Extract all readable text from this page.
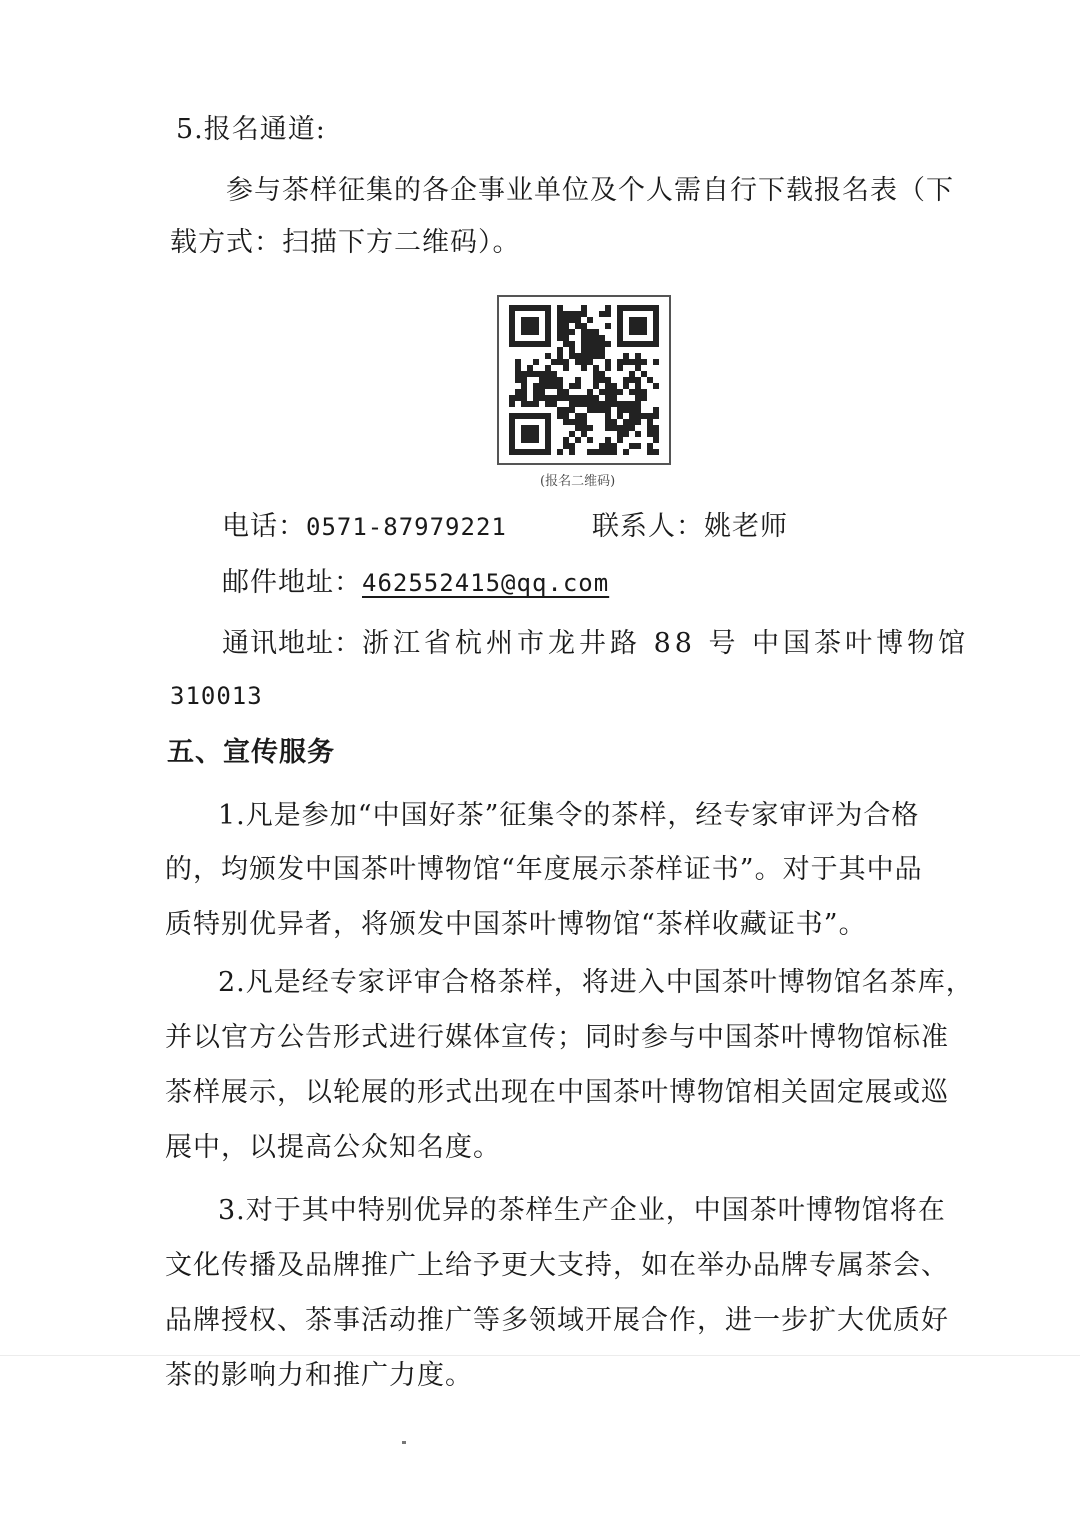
5.报名通道:
参与茶样征集的各企事业单位及个人需自行下载报名表（下
载方式：扫描下方二维码）。
(报名二维码)
电话：0571-87979221	联系人：姚老师
邮件地址：462552415@qq.com
通讯地址：浙江省杭州市龙井路 88 号 中国茶叶博物馆
310013
五、宣传服务
1.凡是参加“中国好茶”征集令的茶样，经专家审评为合格
的，均颁发中国茶叶博物馆“年度展示茶样证书”。对于其中品
质特别优异者，将颁发中国茶叶博物馆“茶样收藏证书”。
2.凡是经专家评审合格茶样，将进入中国茶叶博物馆名茶库，
并以官方公告形式进行媒体宣传；同时参与中国茶叶博物馆标准
茶样展示，以轮展的形式出现在中国茶叶博物馆相关固定展或巡
展中，以提高公众知名度。
3.对于其中特别优异的茶样生产企业，中国茶叶博物馆将在
文化传播及品牌推广上给予更大支持，如在举办品牌专属茶会、
品牌授权、茶事活动推广等多领域开展合作，进一步扩大优质好
茶的影响力和推广力度。
